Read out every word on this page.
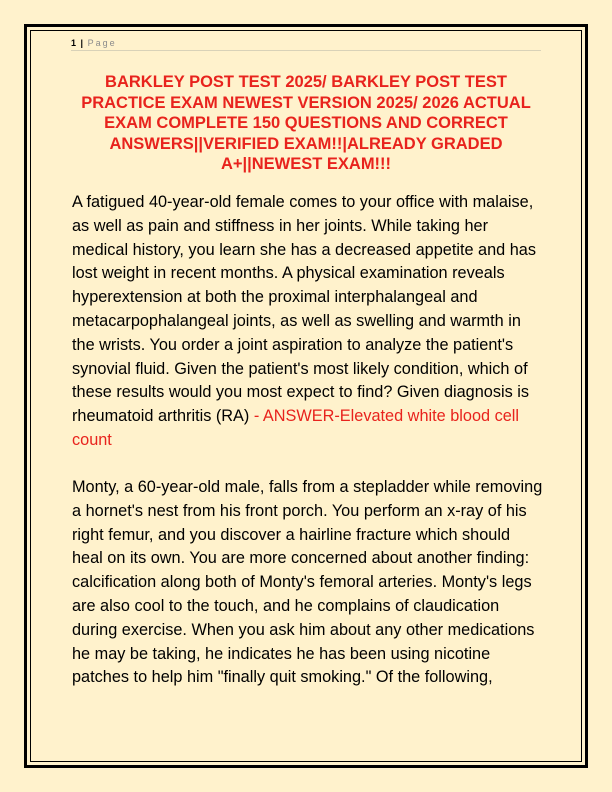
1 | Page
BARKLEY POST TEST 2025/ BARKLEY POST TEST PRACTICE EXAM NEWEST VERSION 2025/ 2026 ACTUAL EXAM COMPLETE 150 QUESTIONS AND CORRECT ANSWERS||VERIFIED EXAM!!|ALREADY GRADED A+||NEWEST EXAM!!!

A fatigued 40-year-old female comes to your office with malaise, as well as pain and stiffness in her joints. While taking her medical history, you learn she has a decreased appetite and has lost weight in recent months. A physical examination reveals hyperextension at both the proximal interphalangeal and metacarpophalangeal joints, as well as swelling and warmth in the wrists. You order a joint aspiration to analyze the patient's synovial fluid. Given the patient's most likely condition, which of these results would you most expect to find? Given diagnosis is rheumatoid arthritis (RA) - ANSWER-Elevated white blood cell count

Monty, a 60-year-old male, falls from a stepladder while removing a hornet's nest from his front porch. You perform an x-ray of his right femur, and you discover a hairline fracture which should heal on its own. You are more concerned about another finding: calcification along both of Monty's femoral arteries. Monty's legs are also cool to the touch, and he complains of claudication during exercise. When you ask him about any other medications he may be taking, he indicates he has been using nicotine patches to help him "finally quit smoking." Of the following,
